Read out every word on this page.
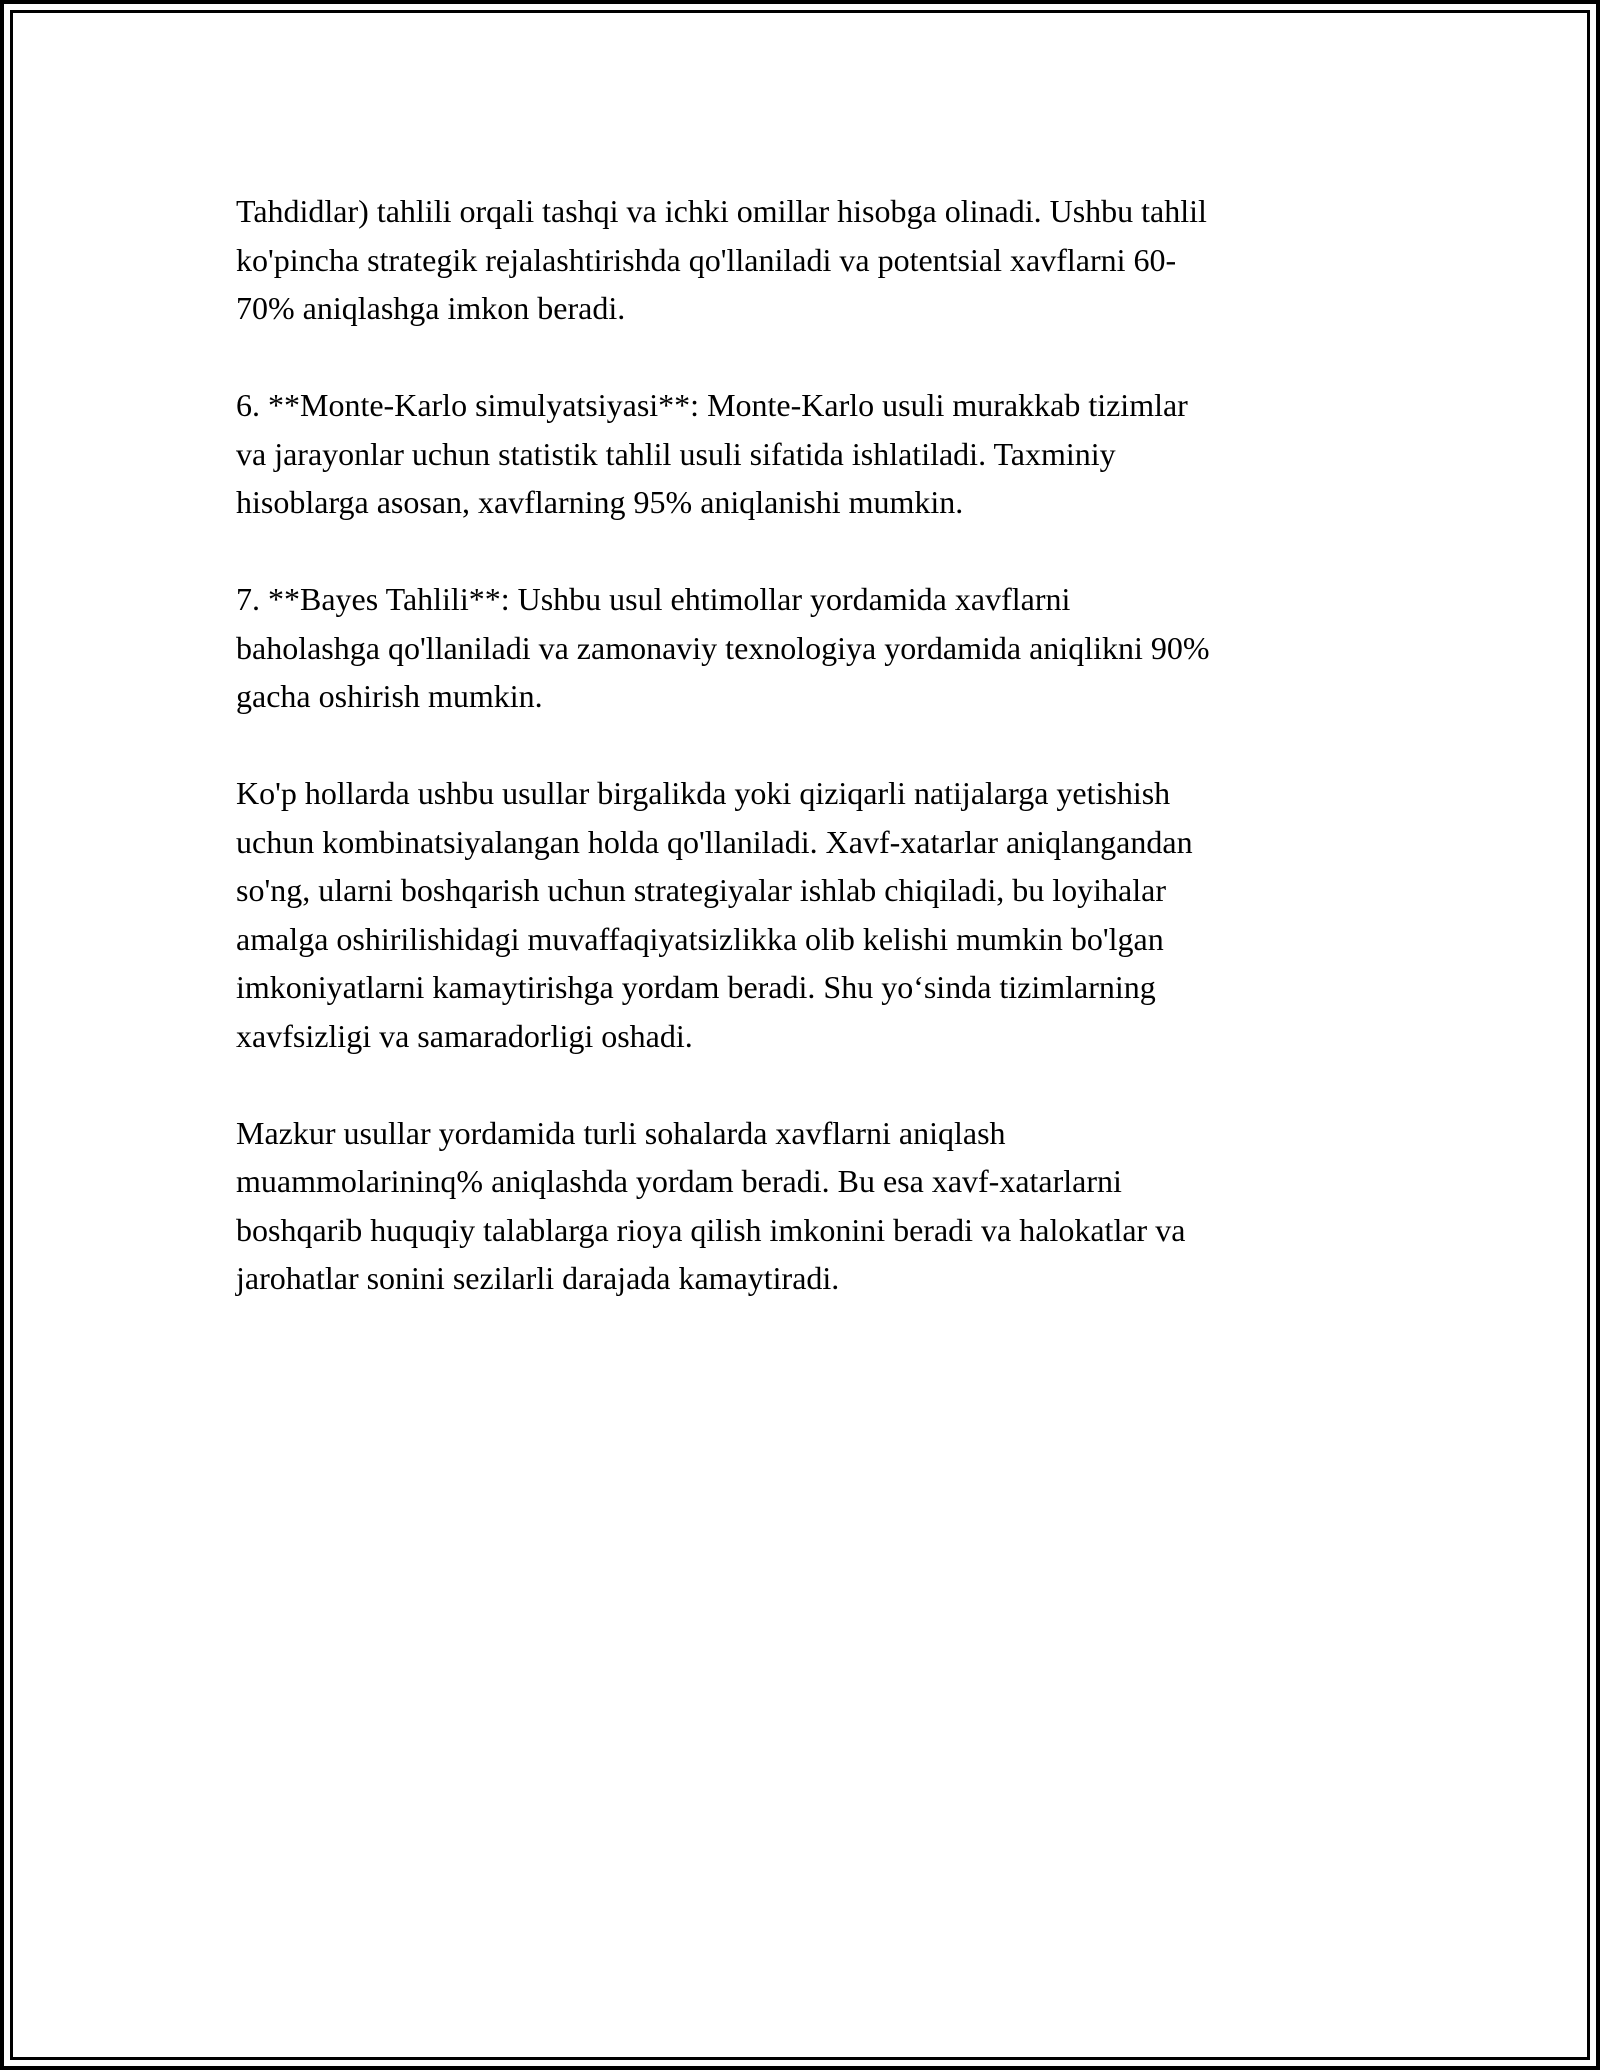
Tahdidlar) tahlili orqali tashqi va ichki omillar hisobga olinadi. Ushbu tahlil
ko'pincha strategik rejalashtirishda qo'llaniladi va potentsial xavflarni 60-
70% aniqlashga imkon beradi.

6. **Monte-Karlo simulyatsiyasi**: Monte-Karlo usuli murakkab tizimlar
va jarayonlar uchun statistik tahlil usuli sifatida ishlatiladi. Taxminiy
hisoblarga asosan, xavflarning 95% aniqlanishi mumkin.

7. **Bayes Tahlili**: Ushbu usul ehtimollar yordamida xavflarni
baholashga qo'llaniladi va zamonaviy texnologiya yordamida aniqlikni 90%
gacha oshirish mumkin.

Ko'p hollarda ushbu usullar birgalikda yoki qiziqarli natijalarga yetishish
uchun kombinatsiyalangan holda qo'llaniladi. Xavf-xatarlar aniqlangandan
so'ng, ularni boshqarish uchun strategiyalar ishlab chiqiladi, bu loyihalar
amalga oshirilishidagi muvaffaqiyatsizlikka olib kelishi mumkin bo'lgan
imkoniyatlarni kamaytirishga yordam beradi. Shu yo‘sinda tizimlarning
xavfsizligi va samaradorligi oshadi.

Mazkur usullar yordamida turli sohalarda xavflarni aniqlash
muammolarininq% aniqlashda yordam beradi. Bu esa xavf-xatarlarni
boshqarib huquqiy talablarga rioya qilish imkonini beradi va halokatlar va
jarohatlar sonini sezilarli darajada kamaytiradi.
